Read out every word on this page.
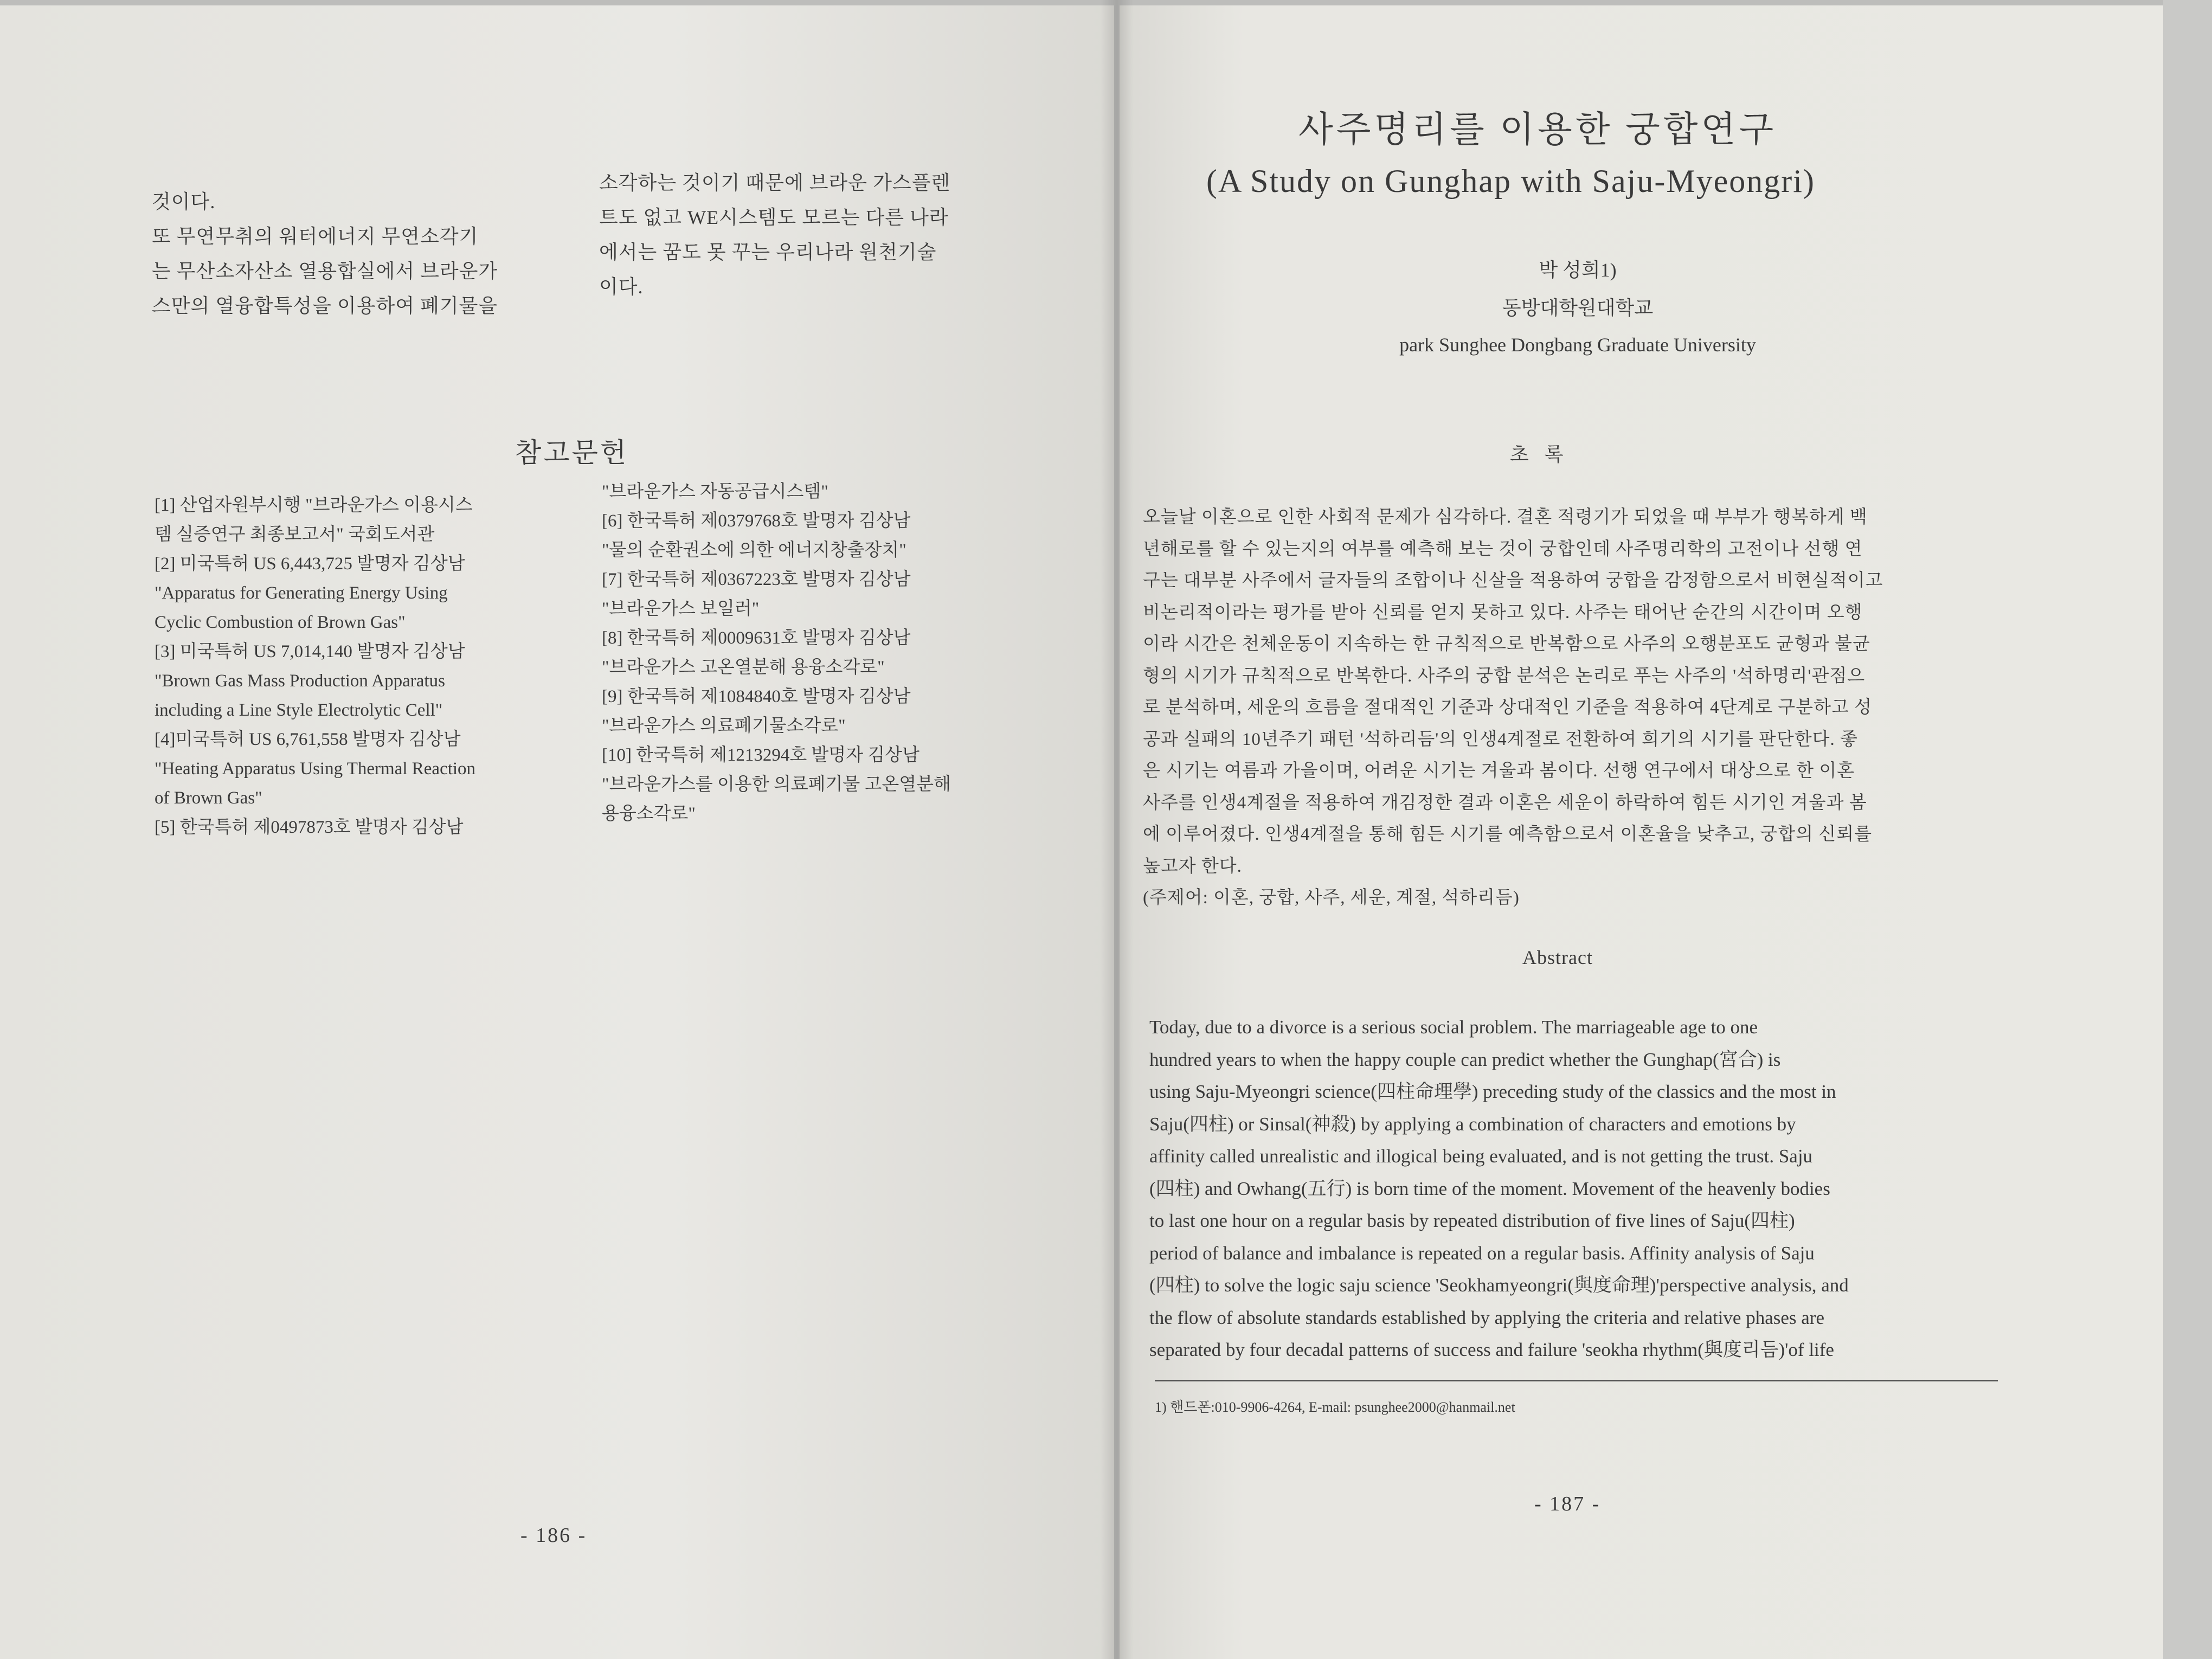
것이다.
또 무연무취의 워터에너지 무연소각기
는 무산소자산소 열용합실에서 브라운가
스만의 열융합특성을 이용하여 폐기물을
소각하는 것이기 때문에 브라운 가스플렌
트도 없고 WE시스템도 모르는 다른 나라
에서는 꿈도 못 꾸는 우리나라 원천기술
이다.
참고문헌
[1] 산업자원부시행 "브라운가스 이용시스
템 실증연구 최종보고서" 국회도서관
[2] 미국특허 US 6,443,725 발명자 김상남
"Apparatus for Generating Energy Using
Cyclic Combustion of Brown Gas"
[3] 미국특허 US 7,014,140 발명자 김상남
"Brown Gas Mass Production Apparatus
including a Line Style Electrolytic Cell"
[4]미국특허 US 6,761,558 발명자 김상남
"Heating Apparatus Using Thermal Reaction
of Brown Gas"
[5] 한국특허 제0497873호 발명자 김상남
"브라운가스 자동공급시스템"
[6] 한국특허 제0379768호 발명자 김상남
"물의 순환권소에 의한 에너지창출장치"
[7] 한국특허 제0367223호 발명자 김상남
"브라운가스 보일러"
[8] 한국특허 제0009631호 발명자 김상남
"브라운가스 고온열분해 용융소각로"
[9] 한국특허 제1084840호 발명자 김상남
"브라운가스 의료폐기물소각로"
[10] 한국특허 제1213294호 발명자 김상남
"브라운가스를 이용한 의료폐기물 고온열분해
용융소각로"
- 186 -
사주명리를 이용한 궁합연구
(A Study on Gunghap with Saju-Myeongri)
박 성희1)
동방대학원대학교
park Sunghee Dongbang Graduate University
초 록
오늘날 이혼으로 인한 사회적 문제가 심각하다. 결혼 적령기가 되었을 때 부부가 행복하게 백
년해로를 할 수 있는지의 여부를 예측해 보는 것이 궁합인데 사주명리학의 고전이나 선행 연
구는 대부분 사주에서 글자들의 조합이나 신살을 적용하여 궁합을 감정함으로서 비현실적이고
비논리적이라는 평가를 받아 신뢰를 얻지 못하고 있다. 사주는 태어난 순간의 시간이며 오행
이라 시간은 천체운동이 지속하는 한 규칙적으로 반복함으로 사주의 오행분포도 균형과 불균
형의 시기가 규칙적으로 반복한다. 사주의 궁합 분석은 논리로 푸는 사주의 '석하명리'관점으
로 분석하며, 세운의 흐름을 절대적인 기준과 상대적인 기준을 적용하여 4단계로 구분하고 성
공과 실패의 10년주기 패턴 '석하리듬'의 인생4계절로 전환하여 희기의 시기를 판단한다. 좋
은 시기는 여름과 가을이며, 어려운 시기는 겨울과 봄이다. 선행 연구에서 대상으로 한 이혼
사주를 인생4계절을 적용하여 개김정한 결과 이혼은 세운이 하락하여 힘든 시기인 겨울과 봄
에 이루어졌다. 인생4계절을 통해 힘든 시기를 예측함으로서 이혼율을 낮추고, 궁합의 신뢰를
높고자 한다.
(주제어: 이혼, 궁합, 사주, 세운, 계절, 석하리듬)
Abstract
Today, due to a divorce is a serious social problem. The marriageable age to one
hundred years to when the happy couple can predict whether the Gunghap(宮合) is
using Saju-Myeongri science(四柱命理學) preceding study of the classics and the most in
Saju(四柱) or Sinsal(神殺) by applying a combination of characters and emotions by
affinity called unrealistic and illogical being evaluated, and is not getting the trust. Saju
(四柱) and Owhang(五行) is born time of the moment. Movement of the heavenly bodies
to last one hour on a regular basis by repeated distribution of five lines of Saju(四柱)
period of balance and imbalance is repeated on a regular basis. Affinity analysis of Saju
(四柱) to solve the logic saju science 'Seokhamyeongri(與度命理)'perspective analysis, and
the flow of absolute standards established by applying the criteria and relative phases are
separated by four decadal patterns of success and failure 'seokha rhythm(與度리듬)'of life
1) 핸드폰:010-9906-4264, E-mail: psunghee2000@hanmail.net
- 187 -
